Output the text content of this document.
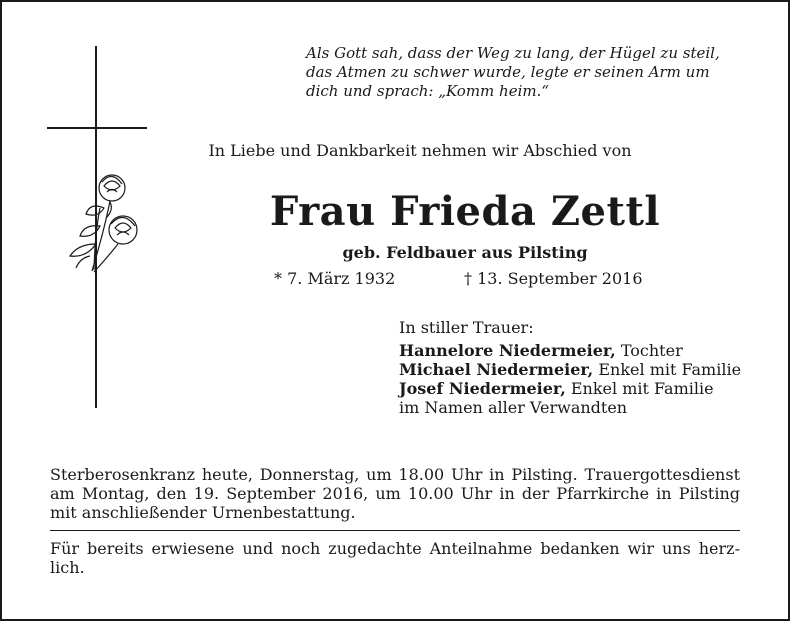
Als Gott sah, dass der Weg zu lang, der Hügel zu steil,
das Atmen zu schwer wurde, legte er seinen Arm um
dich und sprach: „Komm heim.“
In Liebe und Dankbarkeit nehmen wir Abschied von
Frau Frieda Zettl
geb. Feldbauer aus Pilsting
* 7. März 1932	† 13. September 2016
In stiller Trauer:
Hannelore Niedermeier, Tochter
Michael Niedermeier, Enkel mit Familie
Josef Niedermeier, Enkel mit Familie
im Namen aller Verwandten
Sterberosenkranz heute, Donnerstag, um 18.00 Uhr in Pilsting. Trauergottesdienst am Montag, den 19. September 2016, um 10.00 Uhr in der Pfarrkirche in Pilsting mit anschließender Urnenbestattung.
Für bereits erwiesene und noch zugedachte Anteilnahme bedanken wir uns herz-lich.
